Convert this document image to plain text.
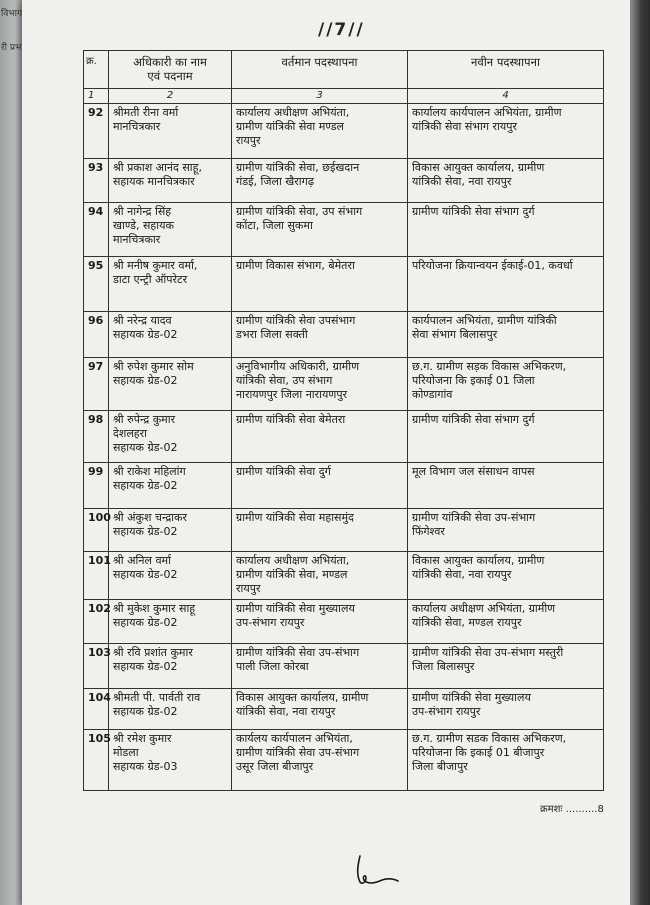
विभाग
री प्रभ
//7//
क्र.	अधिकारी का नाम
एवं पदनाम	वर्तमान पदस्थापना	नवीन पदस्थापना
1	2	3	4
92	श्रीमती रीना वर्मा
मानचित्रकार	कार्यालय अधीक्षण अभियंता,
ग्रामीण यांत्रिकी सेवा मण्डल
रायपुर	कार्यालय कार्यपालन अभियंता, ग्रामीण
यांत्रिकी सेवा संभाग रायपुर

93	श्री प्रकाश आनंद साहू,
सहायक मानचित्रकार	ग्रामीण यांत्रिकी सेवा, छईखदान
गंडई, जिला खैरागढ़	विकास आयुक्त कार्यालय, ग्रामीण
यांत्रिकी सेवा, नवा रायपुर

94	श्री नागेन्द्र सिंह
खाण्डे, सहायक
मानचित्रकार	ग्रामीण यांत्रिकी सेवा, उप संभाग
कोंटा, जिला सुकमा	ग्रामीण यांत्रिकी सेवा संभाग दुर्ग

95	श्री मनीष कुमार वर्मा,
डाटा एन्ट्री ऑपरेटर	ग्रामीण विकास संभाग, बेमेतरा	परियोजना क्रियान्वयन ईकाई-01, कवर्धा

96	श्री नरेन्द्र यादव
सहायक ग्रेड-02	ग्रामीण यांत्रिकी सेवा उपसंभाग
डभरा जिला सक्ती	कार्यपालन अभियंता, ग्रामीण यांत्रिकी
सेवा संभाग बिलासपुर

97	श्री रुपेश कुमार सोम
सहायक ग्रेड-02	अनुविभागीय अधिकारी, ग्रामीण
यांत्रिकी सेवा, उप संभाग
नारायणपुर जिला नारायणपुर	छ.ग. ग्रामीण सड़क विकास अभिकरण,
परियोजना कि इकाई 01 जिला
कोण्डागांव

98	श्री रुपेन्द्र कुमार
देशलहरा
सहायक ग्रेड-02	ग्रामीण यांत्रिकी सेवा बेमेतरा	ग्रामीण यांत्रिकी सेवा संभाग दुर्ग

99	श्री राकेश महिलांग
सहायक ग्रेड-02	ग्रामीण यांत्रिकी सेवा दुर्ग	मूल विभाग जल संसाधन वापस

100	श्री अंकुश चन्द्राकर
सहायक ग्रेड-02	ग्रामीण यांत्रिकी सेवा महासमुंद	ग्रामीण यांत्रिकी सेवा उप-संभाग
फिंगेश्वर

101	श्री अनिल वर्मा
सहायक ग्रेड-02	कार्यालय अधीक्षण अभियंता,
ग्रामीण यांत्रिकी सेवा, मण्डल
रायपुर	विकास आयुक्त कार्यालय, ग्रामीण
यांत्रिकी सेवा, नवा रायपुर

102	श्री मुकेश कुमार साहू
सहायक ग्रेड-02	ग्रामीण यांत्रिकी सेवा मुख्यालय
उप-संभाग रायपुर	कार्यालय अधीक्षण अभियंता, ग्रामीण
यांत्रिकी सेवा, मण्डल रायपुर

103	श्री रवि प्रशांत कुमार
सहायक ग्रेड-02	ग्रामीण यांत्रिकी सेवा उप-संभाग
पाली जिला कोरबा	ग्रामीण यांत्रिकी सेवा उप-संभाग मस्तुरी
जिला बिलासपुर

104	श्रीमती पी. पार्वती राव
सहायक ग्रेड-02	विकास आयुक्त कार्यालय, ग्रामीण
यांत्रिकी सेवा, नवा रायपुर	ग्रामीण यांत्रिकी सेवा मुख्यालय
उप-संभाग रायपुर

105	श्री रमेश कुमार
मोडला
सहायक ग्रेड-03	कार्यलय कार्यपालन अभियंता,
ग्रामीण यांत्रिकी सेवा उप-संभाग
उसूर जिला बीजापुर	छ.ग. ग्रामीण सडक विकास अभिकरण,
परियोजना कि इकाई 01 बीजापुर
जिला बीजापुर
क्रमशः ..........8
